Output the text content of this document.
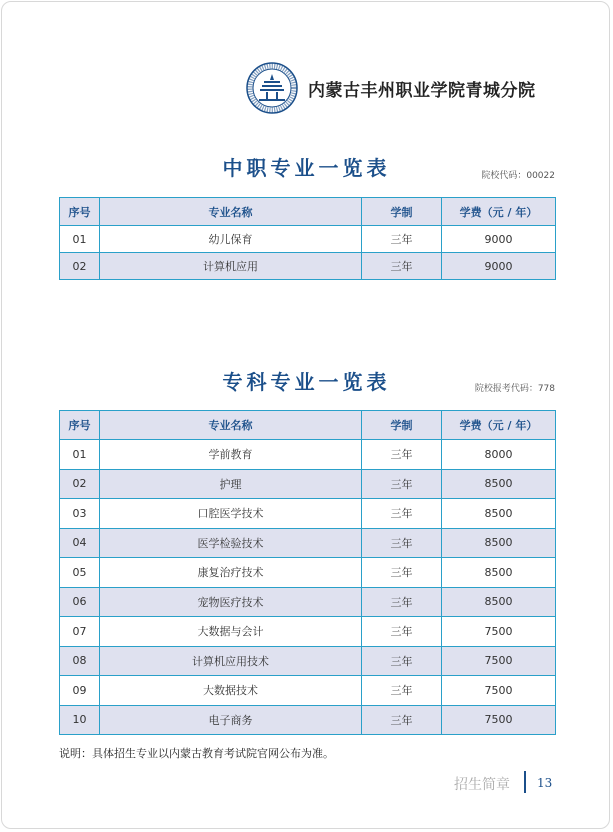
内蒙古丰州职业学院青城分院
中职专业一览表	院校代码：00022
序号	专业名称	学制	学费（元 / 年）
01	幼儿保育	三年	9000
02	计算机应用	三年	9000
专科专业一览表	院校报考代码：778
序号	专业名称	学制	学费（元 / 年）
01	学前教育	三年	8000
02	护理	三年	8500
03	口腔医学技术	三年	8500
04	医学检验技术	三年	8500
05	康复治疗技术	三年	8500
06	宠物医疗技术	三年	8500
07	大数据与会计	三年	7500
08	计算机应用技术	三年	7500
09	大数据技术	三年	7500
10	电子商务	三年	7500
说明：具体招生专业以内蒙古教育考试院官网公布为准。
招生简章 13
